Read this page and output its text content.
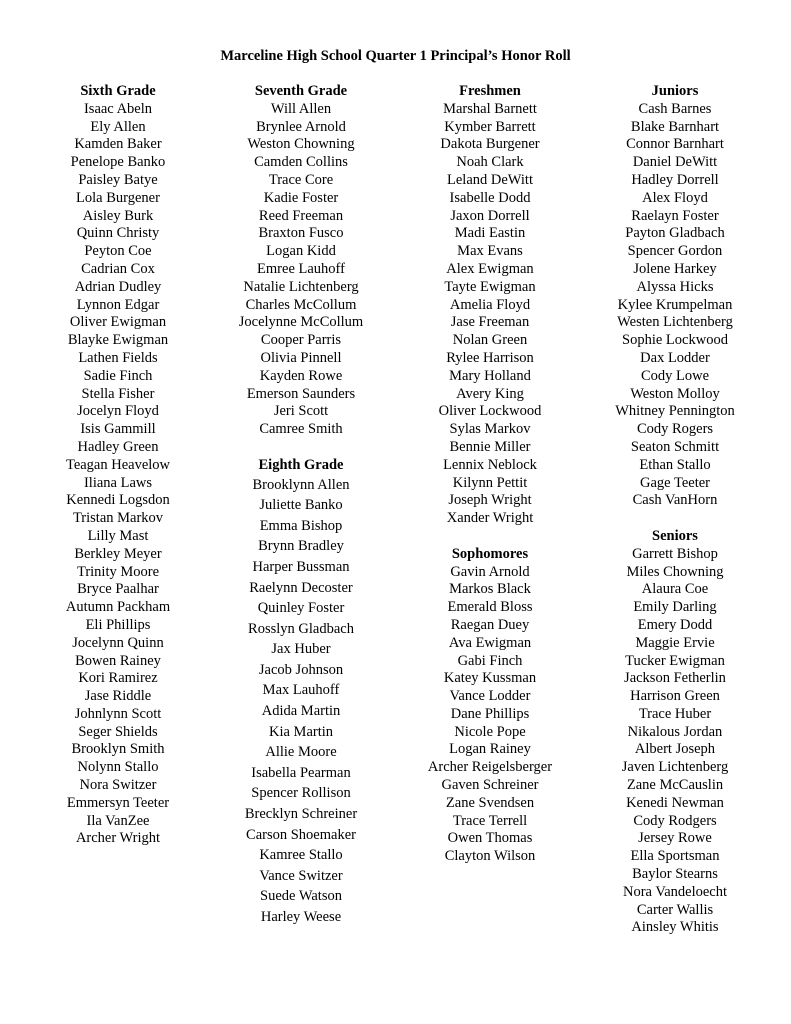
Marceline High School Quarter 1 Principal’s Honor Roll
Sixth Grade
Isaac Abeln
Ely Allen
Kamden Baker
Penelope Banko
Paisley Batye
Lola Burgener
Aisley Burk
Quinn Christy
Peyton Coe
Cadrian Cox
Adrian Dudley
Lynnon Edgar
Oliver Ewigman
Blayke Ewigman
Lathen Fields
Sadie Finch
Stella Fisher
Jocelyn Floyd
Isis Gammill
Hadley Green
Teagan Heavelow
Iliana Laws
Kennedi Logsdon
Tristan Markov
Lilly Mast
Berkley Meyer
Trinity Moore
Bryce Paalhar
Autumn Packham
Eli Phillips
Jocelynn Quinn
Bowen Rainey
Kori Ramirez
Jase Riddle
Johnlynn Scott
Seger Shields
Brooklyn Smith
Nolynn Stallo
Nora Switzer
Emmersyn Teeter
Ila VanZee
Archer Wright
Seventh Grade
Will Allen
Brynlee Arnold
Weston Chowning
Camden Collins
Trace Core
Kadie Foster
Reed Freeman
Braxton Fusco
Logan Kidd
Emree Lauhoff
Natalie Lichtenberg
Charles McCollum
Jocelynne McCollum
Cooper Parris
Olivia Pinnell
Kayden Rowe
Emerson Saunders
Jeri Scott
Camree Smith
Eighth Grade
Brooklynn Allen
Juliette Banko
Emma Bishop
Brynn Bradley
Harper Bussman
Raelynn Decoster
Quinley Foster
Rosslyn Gladbach
Jax Huber
Jacob Johnson
Max Lauhoff
Adida Martin
Kia Martin
Allie Moore
Isabella Pearman
Spencer Rollison
Brecklyn Schreiner
Carson Shoemaker
Kamree Stallo
Vance Switzer
Suede Watson
Harley Weese
Freshmen
Marshal Barnett
Kymber Barrett
Dakota Burgener
Noah Clark
Leland DeWitt
Isabelle Dodd
Jaxon Dorrell
Madi Eastin
Max Evans
Alex Ewigman
Tayte Ewigman
Amelia Floyd
Jase Freeman
Nolan Green
Rylee Harrison
Mary Holland
Avery King
Oliver Lockwood
Sylas Markov
Bennie Miller
Lennix Neblock
Kilynn Pettit
Joseph Wright
Xander Wright
Sophomores
Gavin Arnold
Markos Black
Emerald Bloss
Raegan Duey
Ava Ewigman
Gabi Finch
Katey Kussman
Vance Lodder
Dane Phillips
Nicole Pope
Logan Rainey
Archer Reigelsberger
Gaven Schreiner
Zane Svendsen
Trace Terrell
Owen Thomas
Clayton Wilson
Juniors
Cash Barnes
Blake Barnhart
Connor Barnhart
Daniel DeWitt
Hadley Dorrell
Alex Floyd
Raelayn Foster
Payton Gladbach
Spencer Gordon
Jolene Harkey
Alyssa Hicks
Kylee Krumpelman
Westen Lichtenberg
Sophie Lockwood
Dax Lodder
Cody Lowe
Weston Molloy
Whitney Pennington
Cody Rogers
Seaton Schmitt
Ethan Stallo
Gage Teeter
Cash VanHorn
Seniors
Garrett Bishop
Miles Chowning
Alaura Coe
Emily Darling
Emery Dodd
Maggie Ervie
Tucker Ewigman
Jackson Fetherlin
Harrison Green
Trace Huber
Nikalous Jordan
Albert Joseph
Javen Lichtenberg
Zane McCauslin
Kenedi Newman
Cody Rodgers
Jersey Rowe
Ella Sportsman
Baylor Stearns
Nora Vandeloecht
Carter Wallis
Ainsley Whitis
